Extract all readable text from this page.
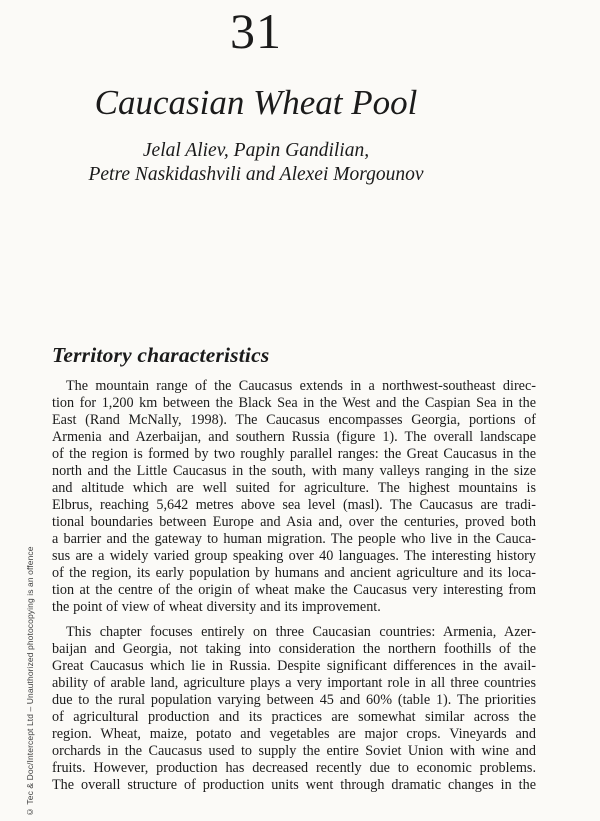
31
Caucasian Wheat Pool
Jelal Aliev, Papin Gandilian,
Petre Naskidashvili and Alexei Morgounov
Territory characteristics
The mountain range of the Caucasus extends in a northwest-southeast direc-
tion for 1,200 km between the Black Sea in the West and the Caspian Sea in the
East (Rand McNally, 1998). The Caucasus encompasses Georgia, portions of
Armenia and Azerbaijan, and southern Russia (figure 1). The overall landscape
of the region is formed by two roughly parallel ranges: the Great Caucasus in the
north and the Little Caucasus in the south, with many valleys ranging in the size
and altitude which are well suited for agriculture. The highest mountains is
Elbrus, reaching 5,642 metres above sea level (masl). The Caucasus are tradi-
tional boundaries between Europe and Asia and, over the centuries, proved both
a barrier and the gateway to human migration. The people who live in the Cauca-
sus are a widely varied group speaking over 40 languages. The interesting history
of the region, its early population by humans and ancient agriculture and its loca-
tion at the centre of the origin of wheat make the Caucasus very interesting from
the point of view of wheat diversity and its improvement.
This chapter focuses entirely on three Caucasian countries: Armenia, Azer-
baijan and Georgia, not taking into consideration the northern foothills of the
Great Caucasus which lie in Russia. Despite significant differences in the avail-
ability of arable land, agriculture plays a very important role in all three countries
due to the rural population varying between 45 and 60% (table 1). The priorities
of agricultural production and its practices are somewhat similar across the
region. Wheat, maize, potato and vegetables are major crops. Vineyards and
orchards in the Caucasus used to supply the entire Soviet Union with wine and
fruits. However, production has decreased recently due to economic problems.
The overall structure of production units went through dramatic changes in the
© Tec & Doc/Intercept Ltd – Unauthorized photocopying is an offence
